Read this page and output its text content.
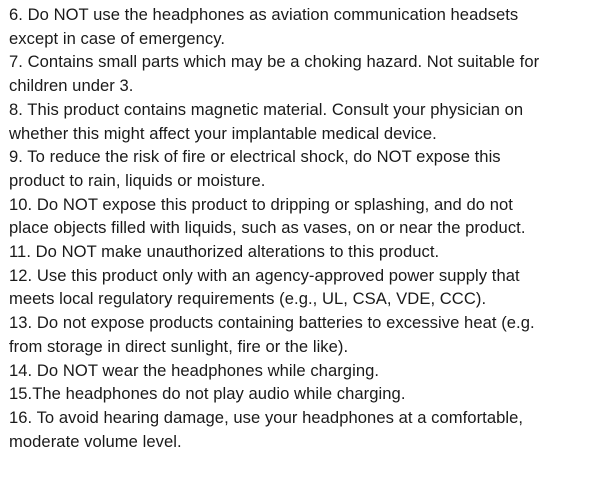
6. Do NOT use the headphones as aviation communication headsets
except in case of emergency.
7. Contains small parts which may be a choking hazard. Not suitable for
children under 3.
8. This product contains magnetic material. Consult your physician on
whether this might affect your implantable medical device.
9. To reduce the risk of fire or electrical shock, do NOT expose this
product to rain, liquids or moisture.
10. Do NOT expose this product to dripping or splashing, and do not
place objects filled with liquids, such as vases, on or near the product.
11. Do NOT make unauthorized alterations to this product.
12. Use this product only with an agency-approved power supply that
meets local regulatory requirements (e.g., UL, CSA, VDE, CCC).
13. Do not expose products containing batteries to excessive heat (e.g.
from storage in direct sunlight, fire or the like).
14. Do NOT wear the headphones while charging.
15.The headphones do not play audio while charging.
16. To avoid hearing damage, use your headphones at a comfortable,
moderate volume level.
